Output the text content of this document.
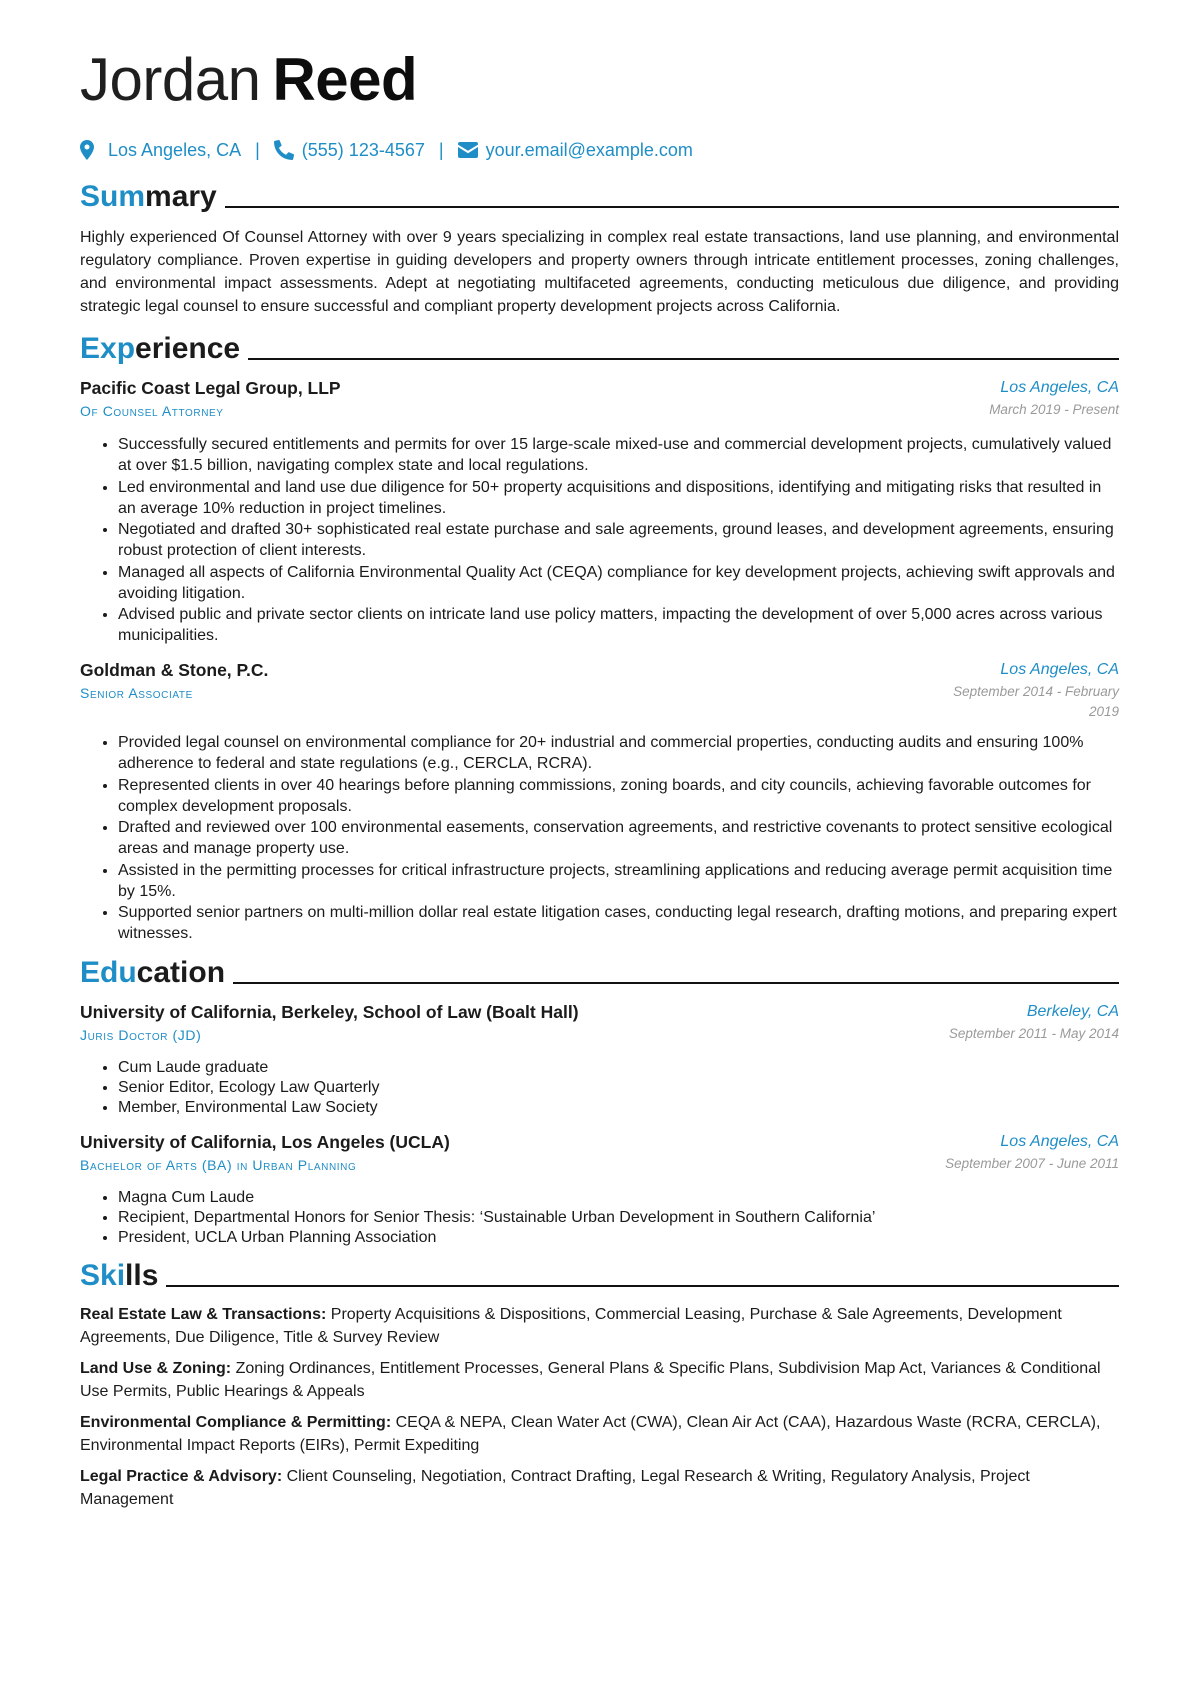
Jordan Reed
Los Angeles, CA | (555) 123-4567 | your.email@example.com
Summary

Highly experienced Of Counsel Attorney with over 9 years specializing in complex real estate transactions, land use planning, and environmental regulatory compliance. Proven expertise in guiding developers and property owners through intricate entitlement processes, zoning challenges, and environmental impact assessments. Adept at negotiating multifaceted agreements, conducting meticulous due diligence, and providing strategic legal counsel to ensure successful and compliant property development projects across California.

Experience
Pacific Coast Legal Group, LLP	Los Angeles, CA
Of Counsel Attorney	March 2019 - Present
• Successfully secured entitlements and permits for over 15 large-scale mixed-use and commercial development projects, cumulatively valued at over $1.5 billion, navigating complex state and local regulations.
• Led environmental and land use due diligence for 50+ property acquisitions and dispositions, identifying and mitigating risks that resulted in an average 10% reduction in project timelines.
• Negotiated and drafted 30+ sophisticated real estate purchase and sale agreements, ground leases, and development agreements, ensuring robust protection of client interests.
• Managed all aspects of California Environmental Quality Act (CEQA) compliance for key development projects, achieving swift approvals and avoiding litigation.
• Advised public and private sector clients on intricate land use policy matters, impacting the development of over 5,000 acres across various municipalities.
Goldman & Stone, P.C.	Los Angeles, CA
Senior Associate	September 2014 - February 2019
• Provided legal counsel on environmental compliance for 20+ industrial and commercial properties, conducting audits and ensuring 100% adherence to federal and state regulations (e.g., CERCLA, RCRA).
• Represented clients in over 40 hearings before planning commissions, zoning boards, and city councils, achieving favorable outcomes for complex development proposals.
• Drafted and reviewed over 100 environmental easements, conservation agreements, and restrictive covenants to protect sensitive ecological areas and manage property use.
• Assisted in the permitting processes for critical infrastructure projects, streamlining applications and reducing average permit acquisition time by 15%.
• Supported senior partners on multi-million dollar real estate litigation cases, conducting legal research, drafting motions, and preparing expert witnesses.
Education
University of California, Berkeley, School of Law (Boalt Hall)	Berkeley, CA
Juris Doctor (JD)	September 2011 - May 2014
• Cum Laude graduate
• Senior Editor, Ecology Law Quarterly
• Member, Environmental Law Society
University of California, Los Angeles (UCLA)	Los Angeles, CA
Bachelor of Arts (BA) in Urban Planning	September 2007 - June 2011
• Magna Cum Laude
• Recipient, Departmental Honors for Senior Thesis: ‘Sustainable Urban Development in Southern California’
• President, UCLA Urban Planning Association
Skills
Real Estate Law & Transactions: Property Acquisitions & Dispositions, Commercial Leasing, Purchase & Sale Agreements, Development Agreements, Due Diligence, Title & Survey Review
Land Use & Zoning: Zoning Ordinances, Entitlement Processes, General Plans & Specific Plans, Subdivision Map Act, Variances & Conditional Use Permits, Public Hearings & Appeals
Environmental Compliance & Permitting: CEQA & NEPA, Clean Water Act (CWA), Clean Air Act (CAA), Hazardous Waste (RCRA, CERCLA), Environmental Impact Reports (EIRs), Permit Expediting
Legal Practice & Advisory: Client Counseling, Negotiation, Contract Drafting, Legal Research & Writing, Regulatory Analysis, Project Management
